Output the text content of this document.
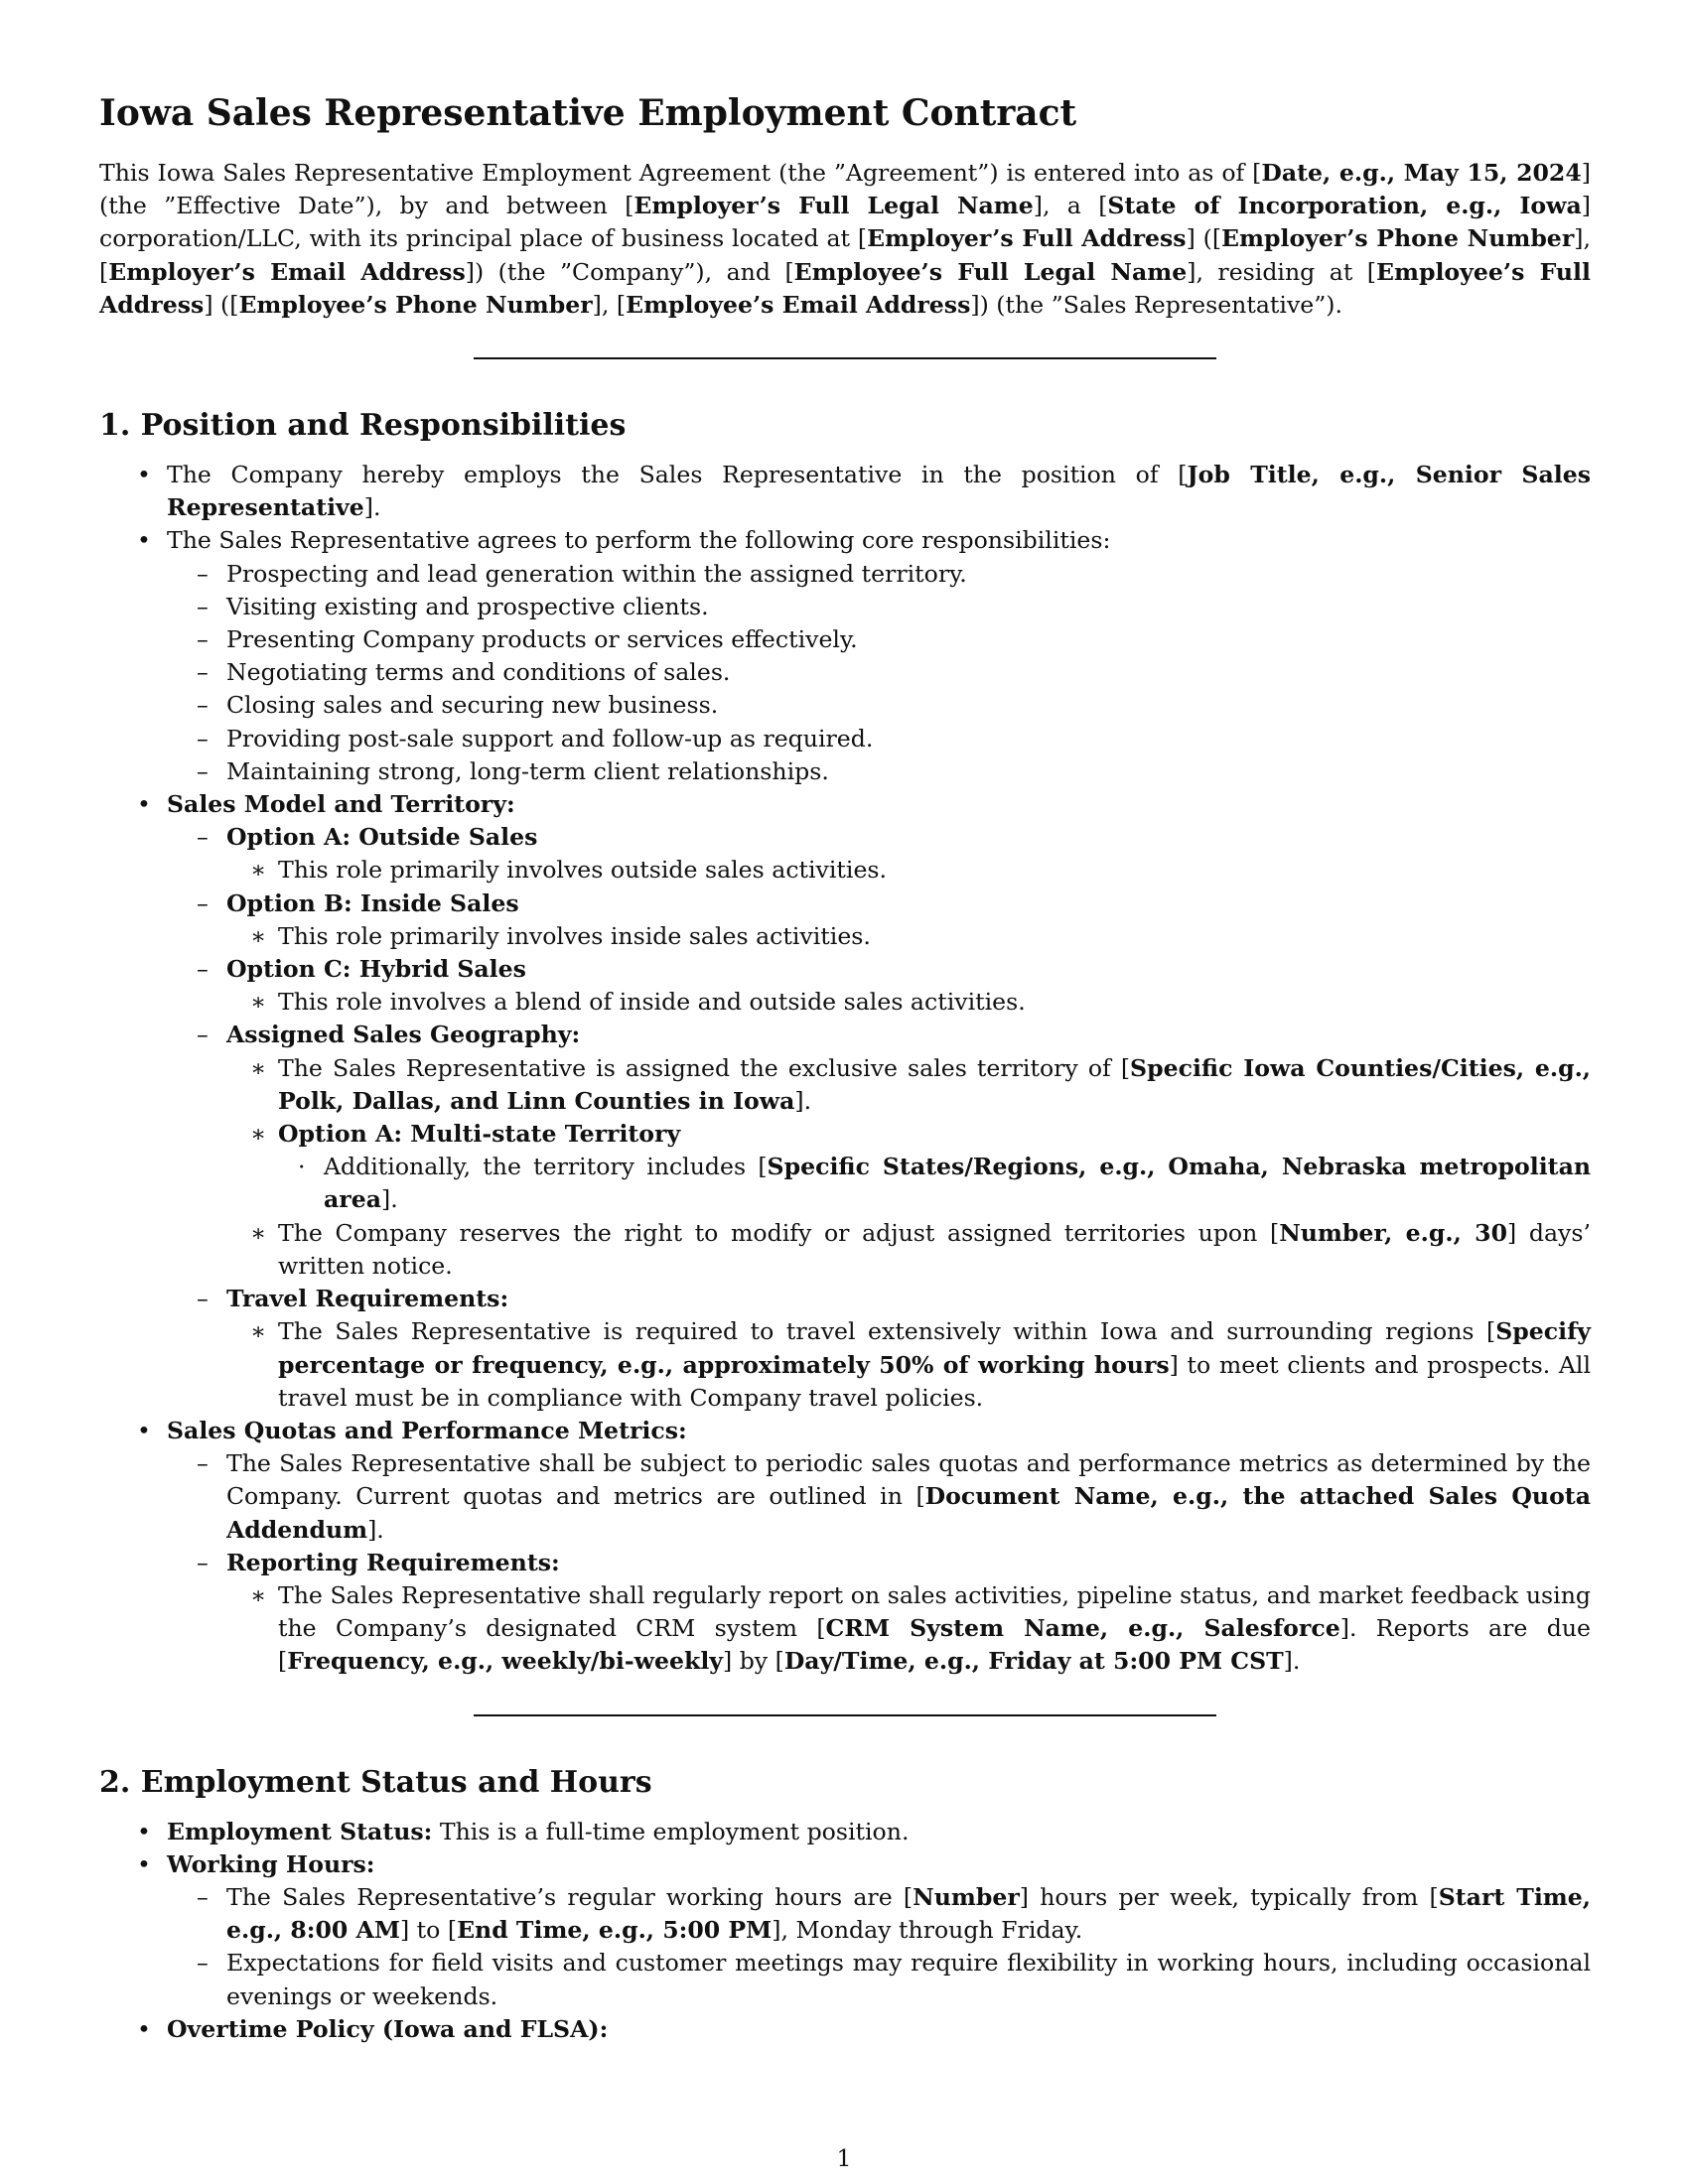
Iowa Sales Representative Employment Contract

This Iowa Sales Representative Employment Agreement (the ”Agreement”) is entered into as of [Date, e.g., May 15, 2024] (the ”Effective Date”), by and between [Employer’s Full Legal Name], a [State of Incorporation, e.g., Iowa] corporation/LLC, with its principal place of business located at [Employer’s Full Address] ([Employer’s Phone Number], [Employer’s Email Address]) (the ”Company”), and [Employee’s Full Legal Name], residing at [Employee’s Full Address] ([Employee’s Phone Number], [Employee’s Email Address]) (the ”Sales Representative”).

1. Position and Responsibilities
• The Company hereby employs the Sales Representative in the position of [Job Title, e.g., Senior Sales Representative].
• The Sales Representative agrees to perform the following core responsibilities:
– Prospecting and lead generation within the assigned territory.
– Visiting existing and prospective clients.
– Presenting Company products or services effectively.
– Negotiating terms and conditions of sales.
– Closing sales and securing new business.
– Providing post-sale support and follow-up as required.
– Maintaining strong, long-term client relationships.
• Sales Model and Territory:
– Option A: Outside Sales
∗ This role primarily involves outside sales activities.
– Option B: Inside Sales
∗ This role primarily involves inside sales activities.
– Option C: Hybrid Sales
∗ This role involves a blend of inside and outside sales activities.
– Assigned Sales Geography:
∗ The Sales Representative is assigned the exclusive sales territory of [Specific Iowa Counties/Cities, e.g., Polk, Dallas, and Linn Counties in Iowa].
∗ Option A: Multi-state Territory
· Additionally, the territory includes [Specific States/Regions, e.g., Omaha, Nebraska metropolitan area].
∗ The Company reserves the right to modify or adjust assigned territories upon [Number, e.g., 30] days’ written notice.
– Travel Requirements:
∗ The Sales Representative is required to travel extensively within Iowa and surrounding regions [Specify percentage or frequency, e.g., approximately 50% of working hours] to meet clients and prospects. All travel must be in compliance with Company travel policies.
• Sales Quotas and Performance Metrics:
– The Sales Representative shall be subject to periodic sales quotas and performance metrics as determined by the Company. Current quotas and metrics are outlined in [Document Name, e.g., the attached Sales Quota Addendum].
– Reporting Requirements:
∗ The Sales Representative shall regularly report on sales activities, pipeline status, and market feedback using the Company’s designated CRM system [CRM System Name, e.g., Salesforce]. Reports are due [Frequency, e.g., weekly/bi-weekly] by [Day/Time, e.g., Friday at 5:00 PM CST].
2. Employment Status and Hours
• Employment Status: This is a full-time employment position.
• Working Hours:
– The Sales Representative’s regular working hours are [Number] hours per week, typically from [Start Time, e.g., 8:00 AM] to [End Time, e.g., 5:00 PM], Monday through Friday.
– Expectations for field visits and customer meetings may require flexibility in working hours, including occasional evenings or weekends.
• Overtime Policy (Iowa and FLSA):
1
